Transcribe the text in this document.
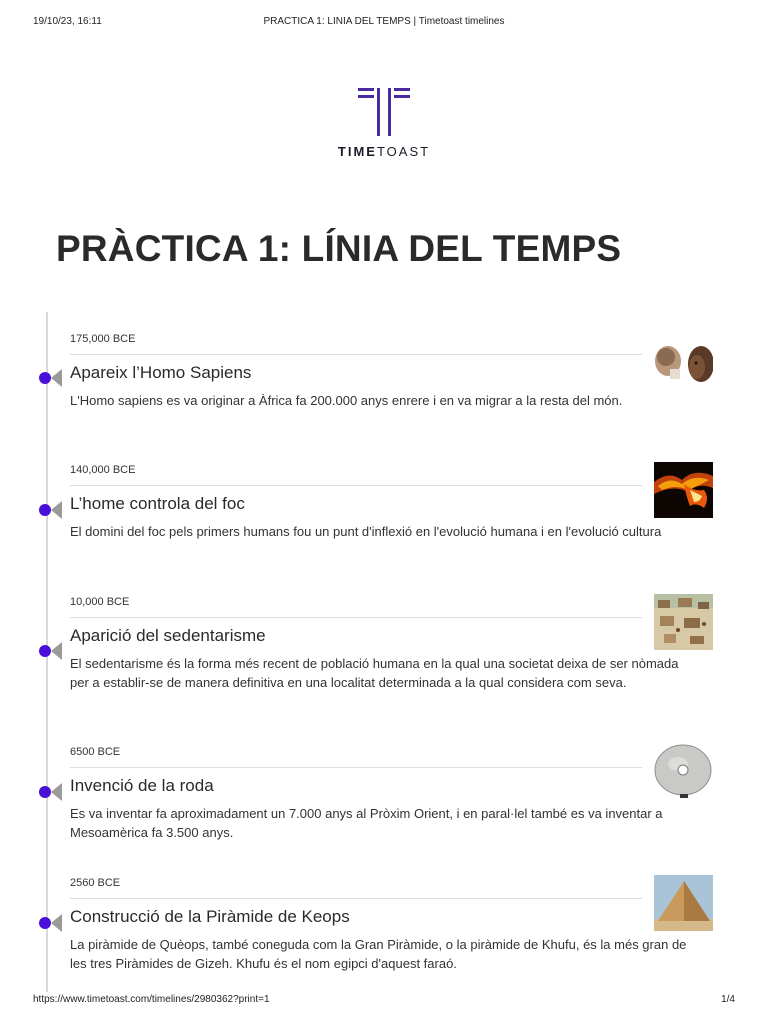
19/10/23, 16:11	PRACTICA 1: LINIA DEL TEMPS | Timetoast timelines
TIMETOAST
PRÀCTICA 1: LÍNIA DEL TEMPS
175,000 BCE
Apareix l’Homo Sapiens

L'Homo sapiens es va originar a Àfrica fa 200.000 anys enrere i en va migrar a la resta del món.

140,000 BCE
L’home controla del foc

El domini del foc pels primers humans fou un punt d'inflexió en l'evolució humana i en l'evolució cultura

10,000 BCE
Aparició del sedentarisme

El sedentarisme és la forma més recent de població humana en la qual una societat deixa de ser nòmada per a establir-se de manera definitiva en una localitat determinada a la qual considera com seva.

6500 BCE
Invenció de la roda

Es va inventar fa aproximadament un 7.000 anys al Pròxim Orient, i en paral·lel també es va inventar a Mesoamèrica fa 3.500 anys.

2560 BCE
Construcció de la Piràmide de Keops

La piràmide de Quèops, també coneguda com la Gran Piràmide, o la piràmide de Khufu, és la més gran de les tres Piràmides de Gizeh. Khufu és el nom egipci d'aquest faraó.

https://www.timetoast.com/timelines/2980362?print=1	1/4
